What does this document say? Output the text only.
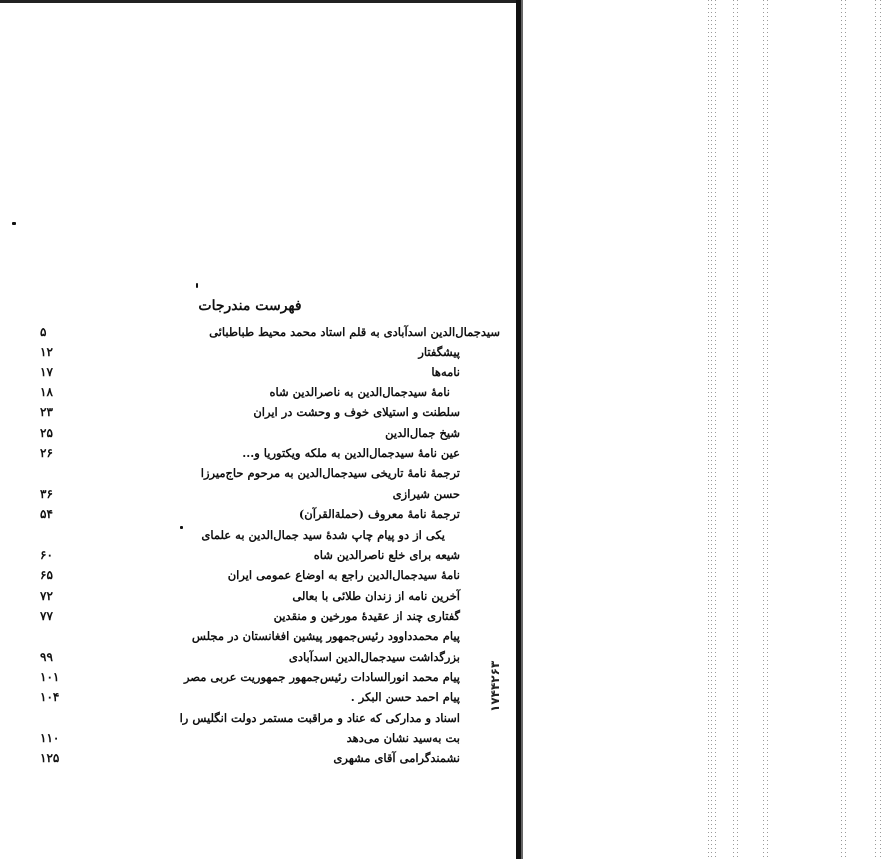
فهرست مندرجات
سیدجمال‌الدین اسدآبادی به قلم استاد محمد محیط طباطبائی
۵
پیشگفتار
۱۲
نامه‌ها
۱۷
نامهٔ سیدجمال‌الدین به ناصرالدین شاه
۱۸
سلطنت و استیلای خوف و وحشت در ایران
۲۳
شیخ جمال‌الدین
۲۵
عین نامهٔ سیدجمال‌الدین به ملکه ویکتوریا و...
۲۶
ترجمهٔ نامهٔ تاریخی سیدجمال‌الدین به مرحوم حاج‌میرزا
حسن شیرازی
۳۶
ترجمهٔ نامهٔ معروف (حملة‌القرآن)
۵۴
یکی از دو پیام چاپ شدهٔ سید جمال‌الدین به علمای
شیعه برای خلع ناصرالدین شاه
۶۰
نامهٔ سیدجمال‌الدین راجع به اوضاع عمومی ایران
۶۵
آخرین نامه از زندان طلائی با بعالی
۷۲
گفتاری چند از عقیدهٔ مورخین و منقدین
۷۷
پیام محمدداوود رئیس‌جمهور پیشین افغانستان در مجلس
بزرگداشت سیدجمال‌الدین اسدآبادی
۹۹
پیام محمد انورالسادات رئیس‌جمهور جمهوریت عربی مصر
۱۰۱
پیام احمد حسن البکر .
۱۰۴
اسناد و مدارکی که عناد و مراقبت مستمر دولت انگلیس را
بت به‌سید نشان می‌دهد
۱۱۰
نشمندگرامی آقای مشهری
۱۲۵
۱۷۴۴۲۶۳
